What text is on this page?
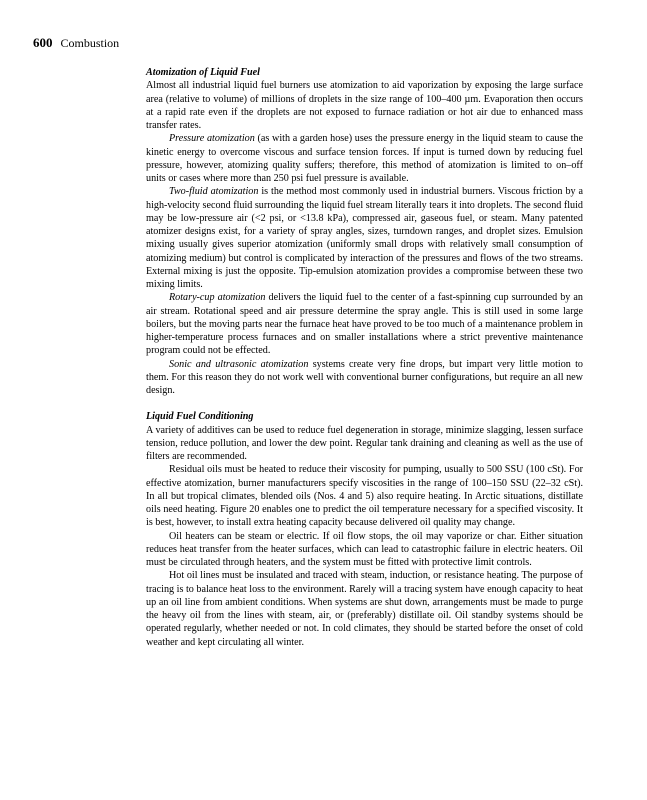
600 Combustion
Atomization of Liquid Fuel

Almost all industrial liquid fuel burners use atomization to aid vaporization by exposing the large surface area (relative to volume) of millions of droplets in the size range of 100–400 µm. Evaporation then occurs at a rapid rate even if the droplets are not exposed to furnace radiation or hot air due to enhanced mass transfer rates.

Pressure atomization (as with a garden hose) uses the pressure energy in the liquid steam to cause the kinetic energy to overcome viscous and surface tension forces. If input is turned down by reducing fuel pressure, however, atomizing quality suffers; therefore, this method of atomization is limited to on–off units or cases where more than 250 psi fuel pressure is available.

Two-fluid atomization is the method most commonly used in industrial burners. Viscous friction by a high-velocity second fluid surrounding the liquid fuel stream literally tears it into droplets. The second fluid may be low-pressure air (<2 psi, or <13.8 kPa), compressed air, gaseous fuel, or steam. Many patented atomizer designs exist, for a variety of spray angles, sizes, turndown ranges, and droplet sizes. Emulsion mixing usually gives superior atomization (uniformly small drops with relatively small consumption of atomizing medium) but control is complicated by interaction of the pressures and flows of the two streams. External mixing is just the opposite. Tip-emulsion atomization provides a compromise between these two mixing limits.

Rotary-cup atomization delivers the liquid fuel to the center of a fast-spinning cup surrounded by an air stream. Rotational speed and air pressure determine the spray angle. This is still used in some large boilers, but the moving parts near the furnace heat have proved to be too much of a maintenance problem in higher-temperature process furnaces and on smaller installations where a strict preventive maintenance program could not be effected.

Sonic and ultrasonic atomization systems create very fine drops, but impart very little motion to them. For this reason they do not work well with conventional burner configurations, but require an all new design.

Liquid Fuel Conditioning

A variety of additives can be used to reduce fuel degeneration in storage, minimize slagging, lessen surface tension, reduce pollution, and lower the dew point. Regular tank draining and cleaning as well as the use of filters are recommended.

Residual oils must be heated to reduce their viscosity for pumping, usually to 500 SSU (100 cSt). For effective atomization, burner manufacturers specify viscosities in the range of 100–150 SSU (22–32 cSt). In all but tropical climates, blended oils (Nos. 4 and 5) also require heating. In Arctic situations, distillate oils need heating. Figure 20 enables one to predict the oil temperature necessary for a specified viscosity. It is best, however, to install extra heating capacity because delivered oil quality may change.

Oil heaters can be steam or electric. If oil flow stops, the oil may vaporize or char. Either situation reduces heat transfer from the heater surfaces, which can lead to catastrophic failure in electric heaters. Oil must be circulated through heaters, and the system must be fitted with protective limit controls.

Hot oil lines must be insulated and traced with steam, induction, or resistance heating. The purpose of tracing is to balance heat loss to the environment. Rarely will a tracing system have enough capacity to heat up an oil line from ambient conditions. When systems are shut down, arrangements must be made to purge the heavy oil from the lines with steam, air, or (preferably) distillate oil. Oil standby systems should be operated regularly, whether needed or not. In cold climates, they should be started before the onset of cold weather and kept circulating all winter.
